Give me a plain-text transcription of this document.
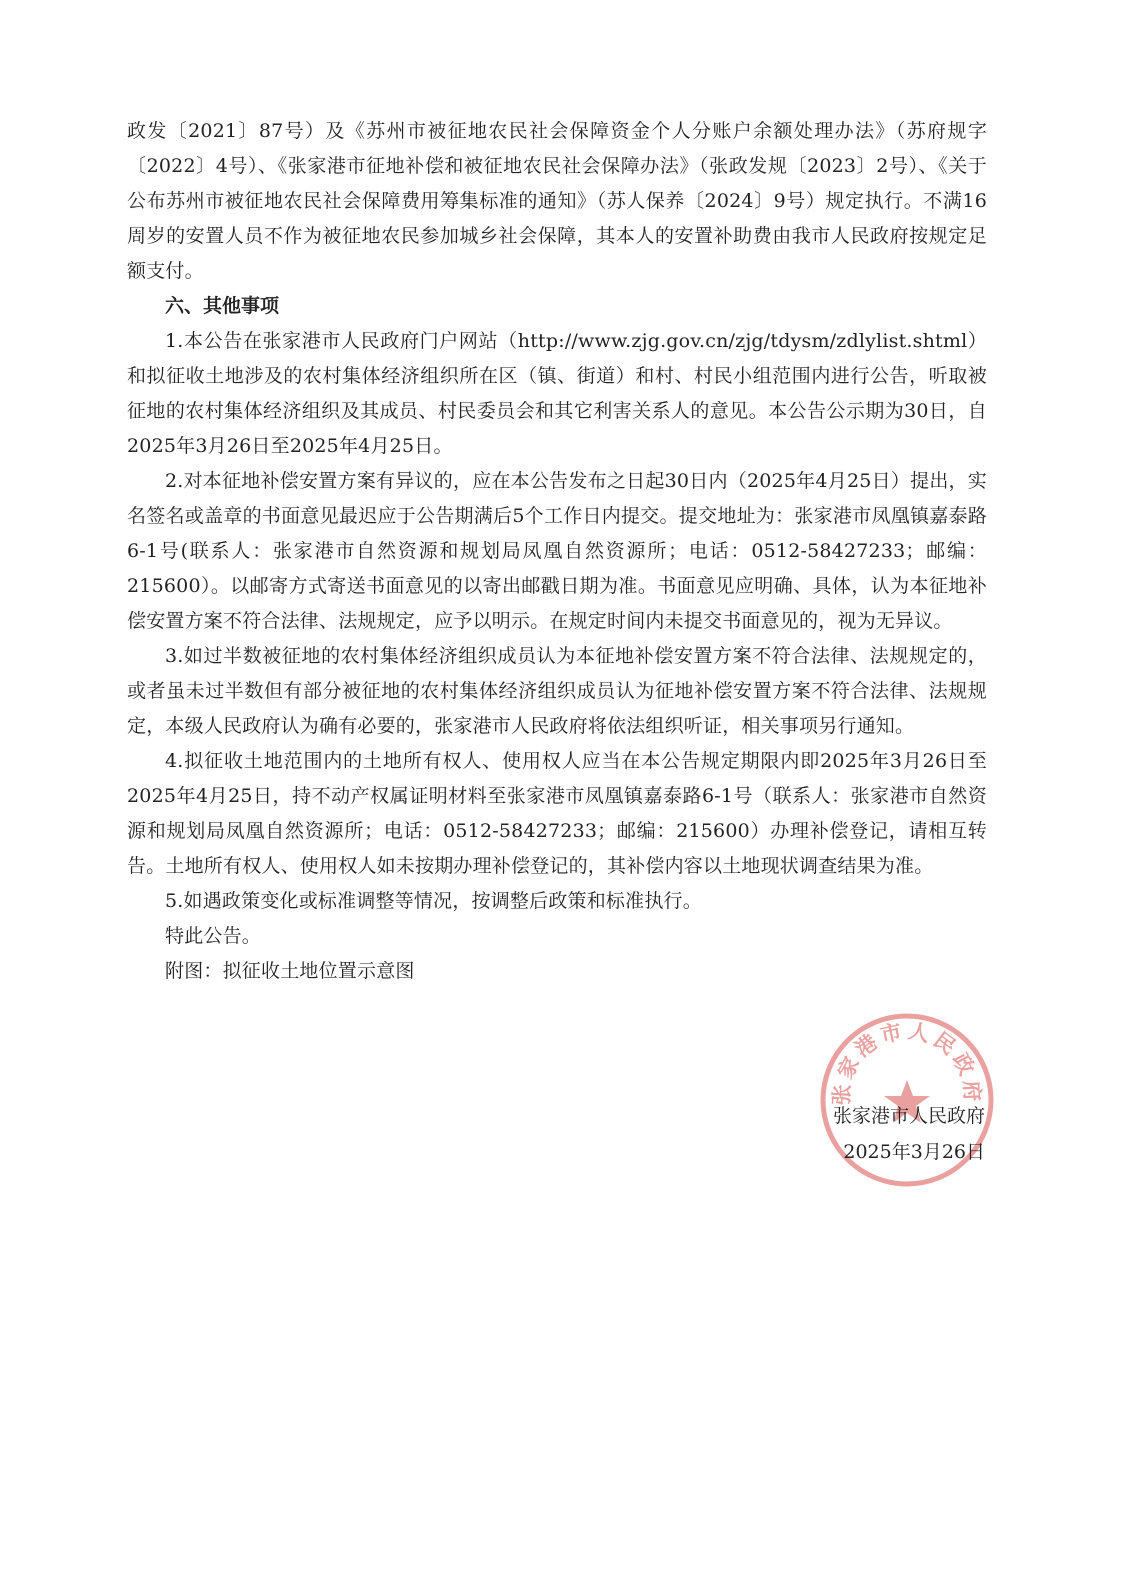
政发〔2021〕87号）及《苏州市被征地农民社会保障资金个人分账户余额处理办法》（苏府规字〔2022〕4号）、《张家港市征地补偿和被征地农民社会保障办法》（张政发规〔2023〕2号）、《关于公布苏州市被征地农民社会保障费用筹集标准的通知》（苏人保养〔2024〕9号）规定执行。不满16周岁的安置人员不作为被征地农民参加城乡社会保障，其本人的安置补助费由我市人民政府按规定足额支付。

六、其他事项

1.本公告在张家港市人民政府门户网站（http://www.zjg.gov.cn/zjg/tdysm/zdlylist.shtml）和拟征收土地涉及的农村集体经济组织所在区（镇、街道）和村、村民小组范围内进行公告，听取被征地的农村集体经济组织及其成员、村民委员会和其它利害关系人的意见。本公告公示期为30日，自2025年3月26日至2025年4月25日。

2.对本征地补偿安置方案有异议的，应在本公告发布之日起30日内（2025年4月25日）提出，实名签名或盖章的书面意见最迟应于公告期满后5个工作日内提交。提交地址为：张家港市凤凰镇嘉泰路6-1号(联系人：张家港市自然资源和规划局凤凰自然资源所；电话：0512-58427233；邮编：215600）。以邮寄方式寄送书面意见的以寄出邮戳日期为准。书面意见应明确、具体，认为本征地补偿安置方案不符合法律、法规规定，应予以明示。在规定时间内未提交书面意见的，视为无异议。

3.如过半数被征地的农村集体经济组织成员认为本征地补偿安置方案不符合法律、法规规定的，或者虽未过半数但有部分被征地的农村集体经济组织成员认为征地补偿安置方案不符合法律、法规规定，本级人民政府认为确有必要的，张家港市人民政府将依法组织听证，相关事项另行通知。

4.拟征收土地范围内的土地所有权人、使用权人应当在本公告规定期限内即2025年3月26日至2025年4月25日，持不动产权属证明材料至张家港市凤凰镇嘉泰路6-1号（联系人：张家港市自然资源和规划局凤凰自然资源所；电话：0512-58427233；邮编：215600）办理补偿登记，请相互转告。土地所有权人、使用权人如未按期办理补偿登记的，其补偿内容以土地现状调查结果为准。

5.如遇政策变化或标准调整等情况，按调整后政策和标准执行。

特此公告。

附图：拟征收土地位置示意图

张家港市人民政府
张家港市人民政府
2025年3月26日
